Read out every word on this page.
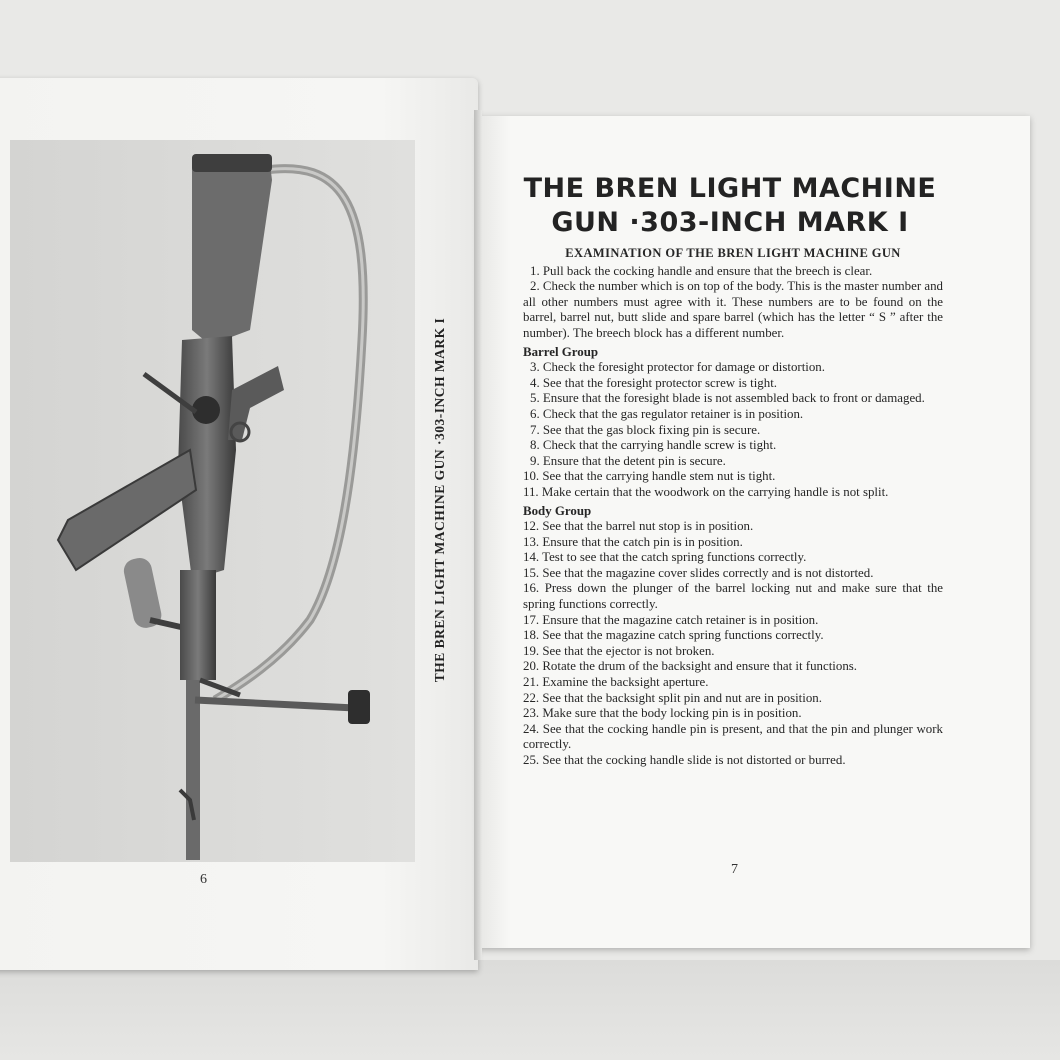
THE BREN LIGHT MACHINE GUN ·303-INCH MARK I
6
THE BREN LIGHT MACHINE
GUN ·303-INCH MARK I
EXAMINATION OF THE BREN LIGHT MACHINE GUN
1. Pull back the cocking handle and ensure that the breech is clear.
2. Check the number which is on top of the body. This is the master number and all other numbers must agree with it. These numbers are to be found on the barrel, barrel nut, butt slide and spare barrel (which has the letter “ S ” after the number). The breech block has a different number.
Barrel Group
3. Check the foresight protector for damage or distortion.
4. See that the foresight protector screw is tight.
5. Ensure that the foresight blade is not assembled back to front or damaged.
6. Check that the gas regulator retainer is in position.
7. See that the gas block fixing pin is secure.
8. Check that the carrying handle screw is tight.
9. Ensure that the detent pin is secure.
10. See that the carrying handle stem nut is tight.
11. Make certain that the woodwork on the carrying handle is not split.
Body Group
12. See that the barrel nut stop is in position.
13. Ensure that the catch pin is in position.
14. Test to see that the catch spring functions correctly.
15. See that the magazine cover slides correctly and is not distorted.
16. Press down the plunger of the barrel locking nut and make sure that the spring functions correctly.
17. Ensure that the magazine catch retainer is in position.
18. See that the magazine catch spring functions correctly.
19. See that the ejector is not broken.
20. Rotate the drum of the backsight and ensure that it functions.
21. Examine the backsight aperture.
22. See that the backsight split pin and nut are in position.
23. Make sure that the body locking pin is in position.
24. See that the cocking handle pin is present, and that the pin and plunger work correctly.
25. See that the cocking handle slide is not distorted or burred.
7
